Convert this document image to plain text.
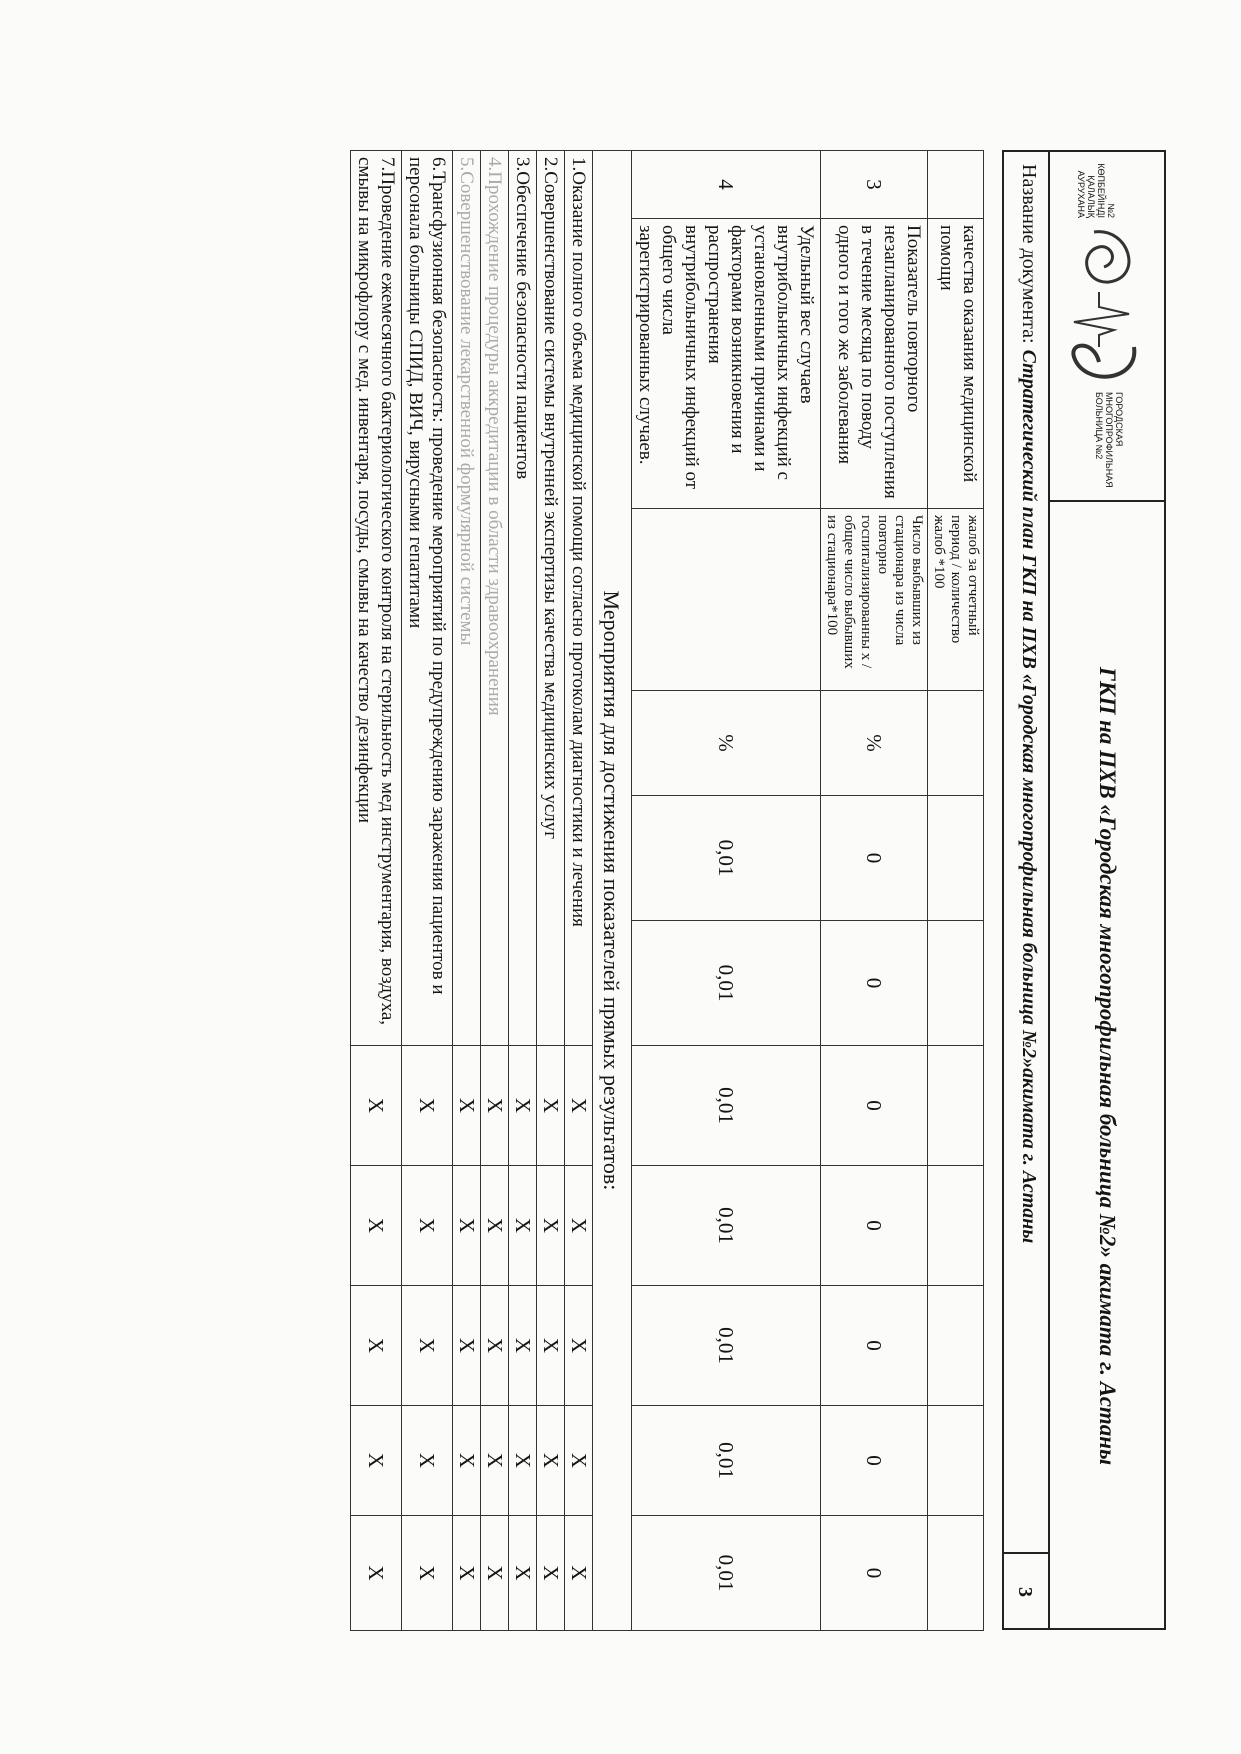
№2 КӨПБЕЙІНДІ
ҚАЛАЛЫҚ
АУРУХАНА
ГОРОДСКАЯ
МНОГОПРОФИЛЬНАЯ
БОЛЬНИЦА №2
ГКП на ПХВ «Городская многопрофильная больница №2» акимата г. Астаны
Название документа:Стратегический план ГКП на ПХВ «Городская многопрофильная больница №2»акимата г. Астаны
3
	качества оказания медицинской помощи	жалоб за отчетный период / количество жалоб *100								
3	Показатель повторного незапланированного поступления в течение месяца по поводу одного и того же заболевания	Число выбывших из стационара из числа повторно госпитализированны х / общее число выбывших из стационара*100	%	0	0	0	0	0	0	0
4	Удельный вес случаев внутрибольничных инфекций с установленными причинами и факторами возникновения и распространения внутрибольничных инфекций от общего числа зарегистрированных случаев.		%	0,01	0,01	0,01	0,01	0,01	0,01	0,01
Мероприятия для достижения показателей прямых результатов:										
1.Оказание полного объема медицинской помощи согласно протоколам диагностики и лечения						X	X	X	X	X
2.Совершенствование системы внутренней экспертизы качества медицинских услуг						X	X	X	X	X
3.Обеспечение безопасности пациентов						X	X	X	X	X
4.Прохождение процедуры аккредитации в области здравоохранения						X	X	X	X	X
5.Совершенствование лекарственной формулярной системы						X	X	X	X	X
6.Трансфузионная безопасность: проведение мероприятий по предупреждению заражения пациентов и персонала больницы СПИД, ВИЧ, вирусными гепатитами						X	X	X	X	X
7.Проведение ежемесячного бактериологического контроля на стерильность мед инструментария, воздуха, смывы на микрофлору с мед. инвентаря, посуды, смывы на качество дезинфекции						X	X	X	X	X
